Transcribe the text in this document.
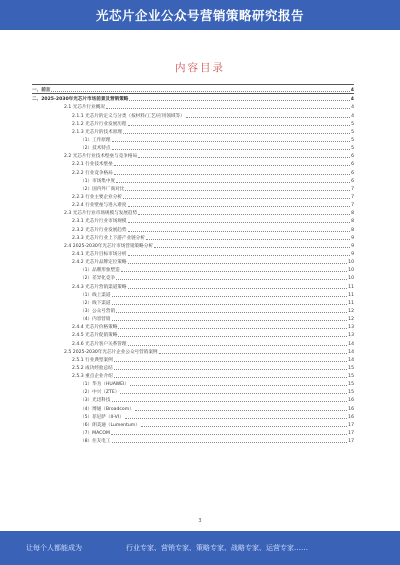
光芯片企业公众号营销策略研究报告
内容目录
一、前言	4
二、2025-2030年光芯片市场前景及营销策略	4
2.1 光芯片行业概况	4
2.1.1 光芯片的定义与分类（按材料/工艺/应用领域等）	4
2.1.2 光芯片行业发展历程	5
2.1.3 光芯片的技术原理	5
（1）工作原理	5
（2）技术特点	5
2.2 光芯片行业技术壁垒与竞争格局	6
2.2.1 行业技术壁垒	6
2.2.2 行业竞争格局	6
（1）市场集中度	6
（2）国内外厂商对比	7
2.2.3 行业主要企业分析	7
2.2.4 行业壁垒与进入难度	7
2.3 光芯片行业市场规模与发展趋势	8
2.3.1 光芯片行业市场规模	8
2.3.2 光芯片行业发展趋势	8
2.3.3 光芯片行业上下游产业链分析	9
2.4 2025-2030年光芯片市场营销策略分析	9
2.4.1 光芯片目标市场分析	9
2.4.2 光芯片品牌定位策略	10
（1）品牌形象塑造	10
（2）差异化竞争	10
2.4.3 光芯片营销渠道策略	11
（1）线上渠道	11
（2）线下渠道	11
（3）公众号营销	12
（4）内容营销	12
2.4.4 光芯片价格策略	13
2.4.5 光芯片促销策略	13
2.4.6 光芯片客户关系管理	14
2.5 2025-2030年光芯片企业公众号营销案例	14
2.5.1 行业典型案例	14
2.5.2 成功经验总结	15
2.5.3 重点企业介绍	15
（1）华为（HUAWEI）	15
（2）中兴（ZTE）	15
（3）光迅科技	16
（4）博通（Broadcom）	16
（5）菲尼萨（II-VI）	16
（6）朗美通（Lumentum）	17
（7）MACOM	17
（8）住友电工	17
3
让每个人都能成为	行业专家、营销专家、策略专家、战略专家、运营专家……
